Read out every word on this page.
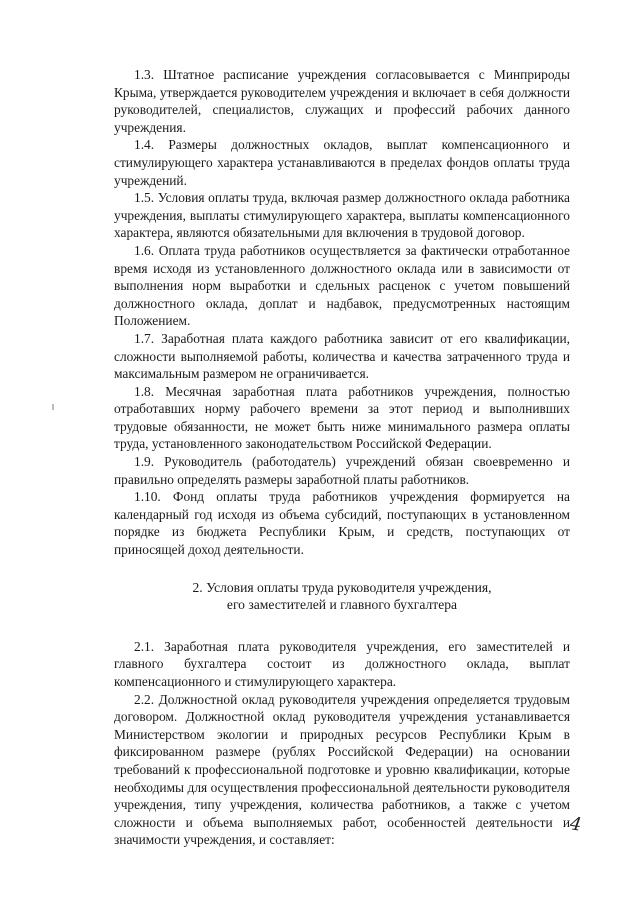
1.3. Штатное расписание учреждения согласовывается с Минприроды Крыма, утверждается руководителем учреждения и включает в себя должности руководителей, специалистов, служащих и профессий рабочих данного учреждения.

1.4. Размеры должностных окладов, выплат компенсационного и стимулирующего характера устанавливаются в пределах фондов оплаты труда учреждений.

1.5. Условия оплаты труда, включая размер должностного оклада работника учреждения, выплаты стимулирующего характера, выплаты компенсационного характера, являются обязательными для включения в трудовой договор.

1.6. Оплата труда работников осуществляется за фактически отработанное время исходя из установленного должностного оклада или в зависимости от выполнения норм выработки и сдельных расценок с учетом повышений должностного оклада, доплат и надбавок, предусмотренных настоящим Положением.

1.7. Заработная плата каждого работника зависит от его квалификации, сложности выполняемой работы, количества и качества затраченного труда и максимальным размером не ограничивается.

1.8. Месячная заработная плата работников учреждения, полностью отработавших норму рабочего времени за этот период и выполнивших трудовые обязанности, не может быть ниже минимального размера оплаты труда, установленного законодательством Российской Федерации.

1.9. Руководитель (работодатель) учреждений обязан своевременно и правильно определять размеры заработной платы работников.

1.10. Фонд оплаты труда работников учреждения формируется на календарный год исходя из объема субсидий, поступающих в установленном порядке из бюджета Республики Крым, и средств, поступающих от приносящей доход деятельности.

2. Условия оплаты труда руководителя учреждения,
его заместителей и главного бухгалтера

2.1. Заработная плата руководителя учреждения, его заместителей и главного бухгалтера состоит из должностного оклада, выплат компенсационного и стимулирующего характера.

2.2. Должностной оклад руководителя учреждения определяется трудовым договором. Должностной оклад руководителя учреждения устанавливается Министерством экологии и природных ресурсов Республики Крым в фиксированном размере (рублях Российской Федерации) на основании требований к профессиональной подготовке и уровню квалификации, которые необходимы для осуществления профессиональной деятельности руководителя учреждения, типу учреждения, количества работников, а также с учетом сложности и объема выполняемых работ, особенностей деятельности и значимости учреждения, и составляет:

4
